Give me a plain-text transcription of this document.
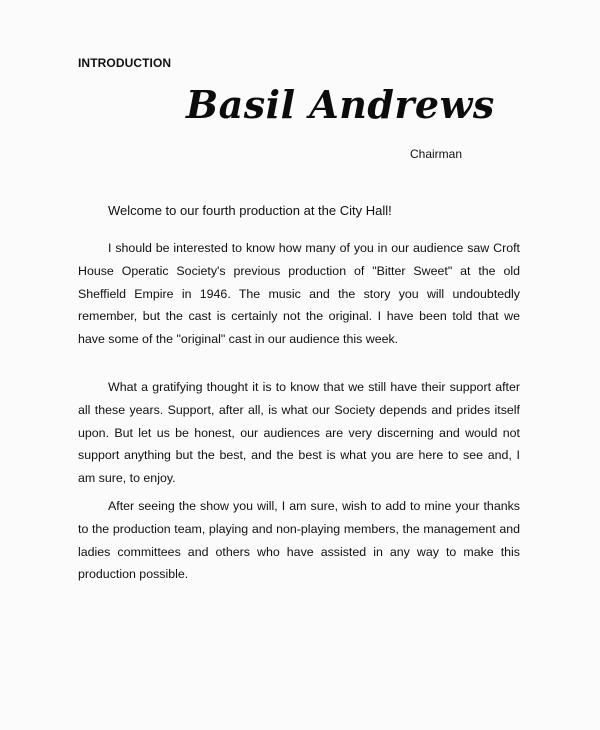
INTRODUCTION
Basil Andrews
Chairman
Welcome to our fourth production at the City Hall!

I should be interested to know how many of you in our audience saw Croft House Operatic Society's previous production of "Bitter Sweet" at the old Sheffield Empire in 1946. The music and the story you will undoubtedly remember, but the cast is certainly not the original. I have been told that we have some of the "original" cast in our audience this week.

What a gratifying thought it is to know that we still have their support after all these years. Support, after all, is what our Society depends and prides itself upon. But let us be honest, our audiences are very discerning and would not support anything but the best, and the best is what you are here to see and, I am sure, to enjoy.

After seeing the show you will, I am sure, wish to add to mine your thanks to the production team, playing and non-playing members, the management and ladies committees and others who have assisted in any way to make this production possible.
